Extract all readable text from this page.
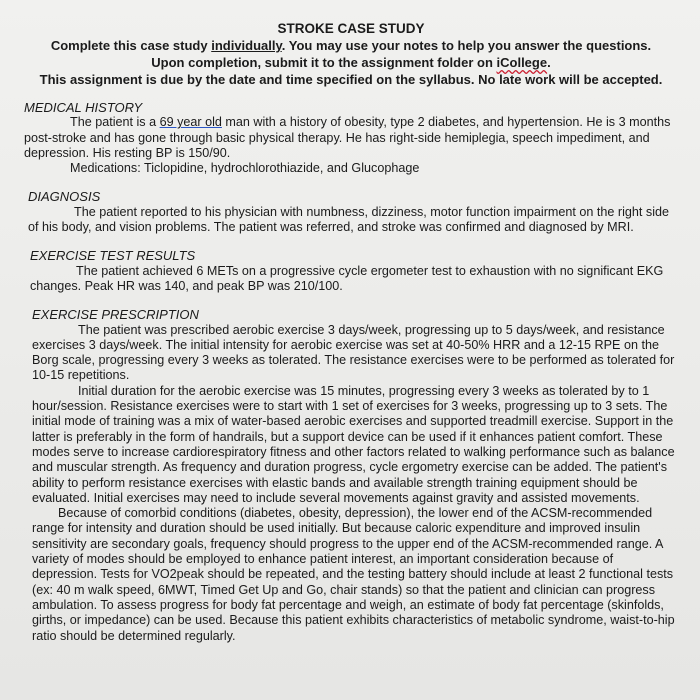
STROKE CASE STUDY
Complete this case study individually. You may use your notes to help you answer the questions.
Upon completion, submit it to the assignment folder on iCollege.
This assignment is due by the date and time specified on the syllabus. No late work will be accepted.
MEDICAL HISTORY

The patient is a 69 year old man with a history of obesity, type 2 diabetes, and hypertension. He is 3 months post-stroke and has gone through basic physical therapy. He has right-side hemiplegia, speech impediment, and depression. His resting BP is 150/90.

Medications: Ticlopidine, hydrochlorothiazide, and Glucophage

DIAGNOSIS

The patient reported to his physician with numbness, dizziness, motor function impairment on the right side of his body, and vision problems. The patient was referred, and stroke was confirmed and diagnosed by MRI.

EXERCISE TEST RESULTS

The patient achieved 6 METs on a progressive cycle ergometer test to exhaustion with no significant EKG changes. Peak HR was 140, and peak BP was 210/100.

EXERCISE PRESCRIPTION

The patient was prescribed aerobic exercise 3 days/week, progressing up to 5 days/week, and resistance exercises 3 days/week. The initial intensity for aerobic exercise was set at 40-50% HRR and a 12-15 RPE on the Borg scale, progressing every 3 weeks as tolerated. The resistance exercises were to be performed as tolerated for 10-15 repetitions.

Initial duration for the aerobic exercise was 15 minutes, progressing every 3 weeks as tolerated by to 1 hour/session. Resistance exercises were to start with 1 set of exercises for 3 weeks, progressing up to 3 sets. The initial mode of training was a mix of water-based aerobic exercises and supported treadmill exercise. Support in the latter is preferably in the form of handrails, but a support device can be used if it enhances patient comfort. These modes serve to increase cardiorespiratory fitness and other factors related to walking performance such as balance and muscular strength. As frequency and duration progress, cycle ergometry exercise can be added. The patient's ability to perform resistance exercises with elastic bands and available strength training equipment should be evaluated. Initial exercises may need to include several movements against gravity and assisted movements.

Because of comorbid conditions (diabetes, obesity, depression), the lower end of the ACSM-recommended range for intensity and duration should be used initially. But because caloric expenditure and improved insulin sensitivity are secondary goals, frequency should progress to the upper end of the ACSM-recommended range. A variety of modes should be employed to enhance patient interest, an important consideration because of depression. Tests for VO2peak should be repeated, and the testing battery should include at least 2 functional tests (ex: 40 m walk speed, 6MWT, Timed Get Up and Go, chair stands) so that the patient and clinician can progress ambulation. To assess progress for body fat percentage and weigh, an estimate of body fat percentage (skinfolds, girths, or impedance) can be used. Because this patient exhibits characteristics of metabolic syndrome, waist-to-hip ratio should be determined regularly.
